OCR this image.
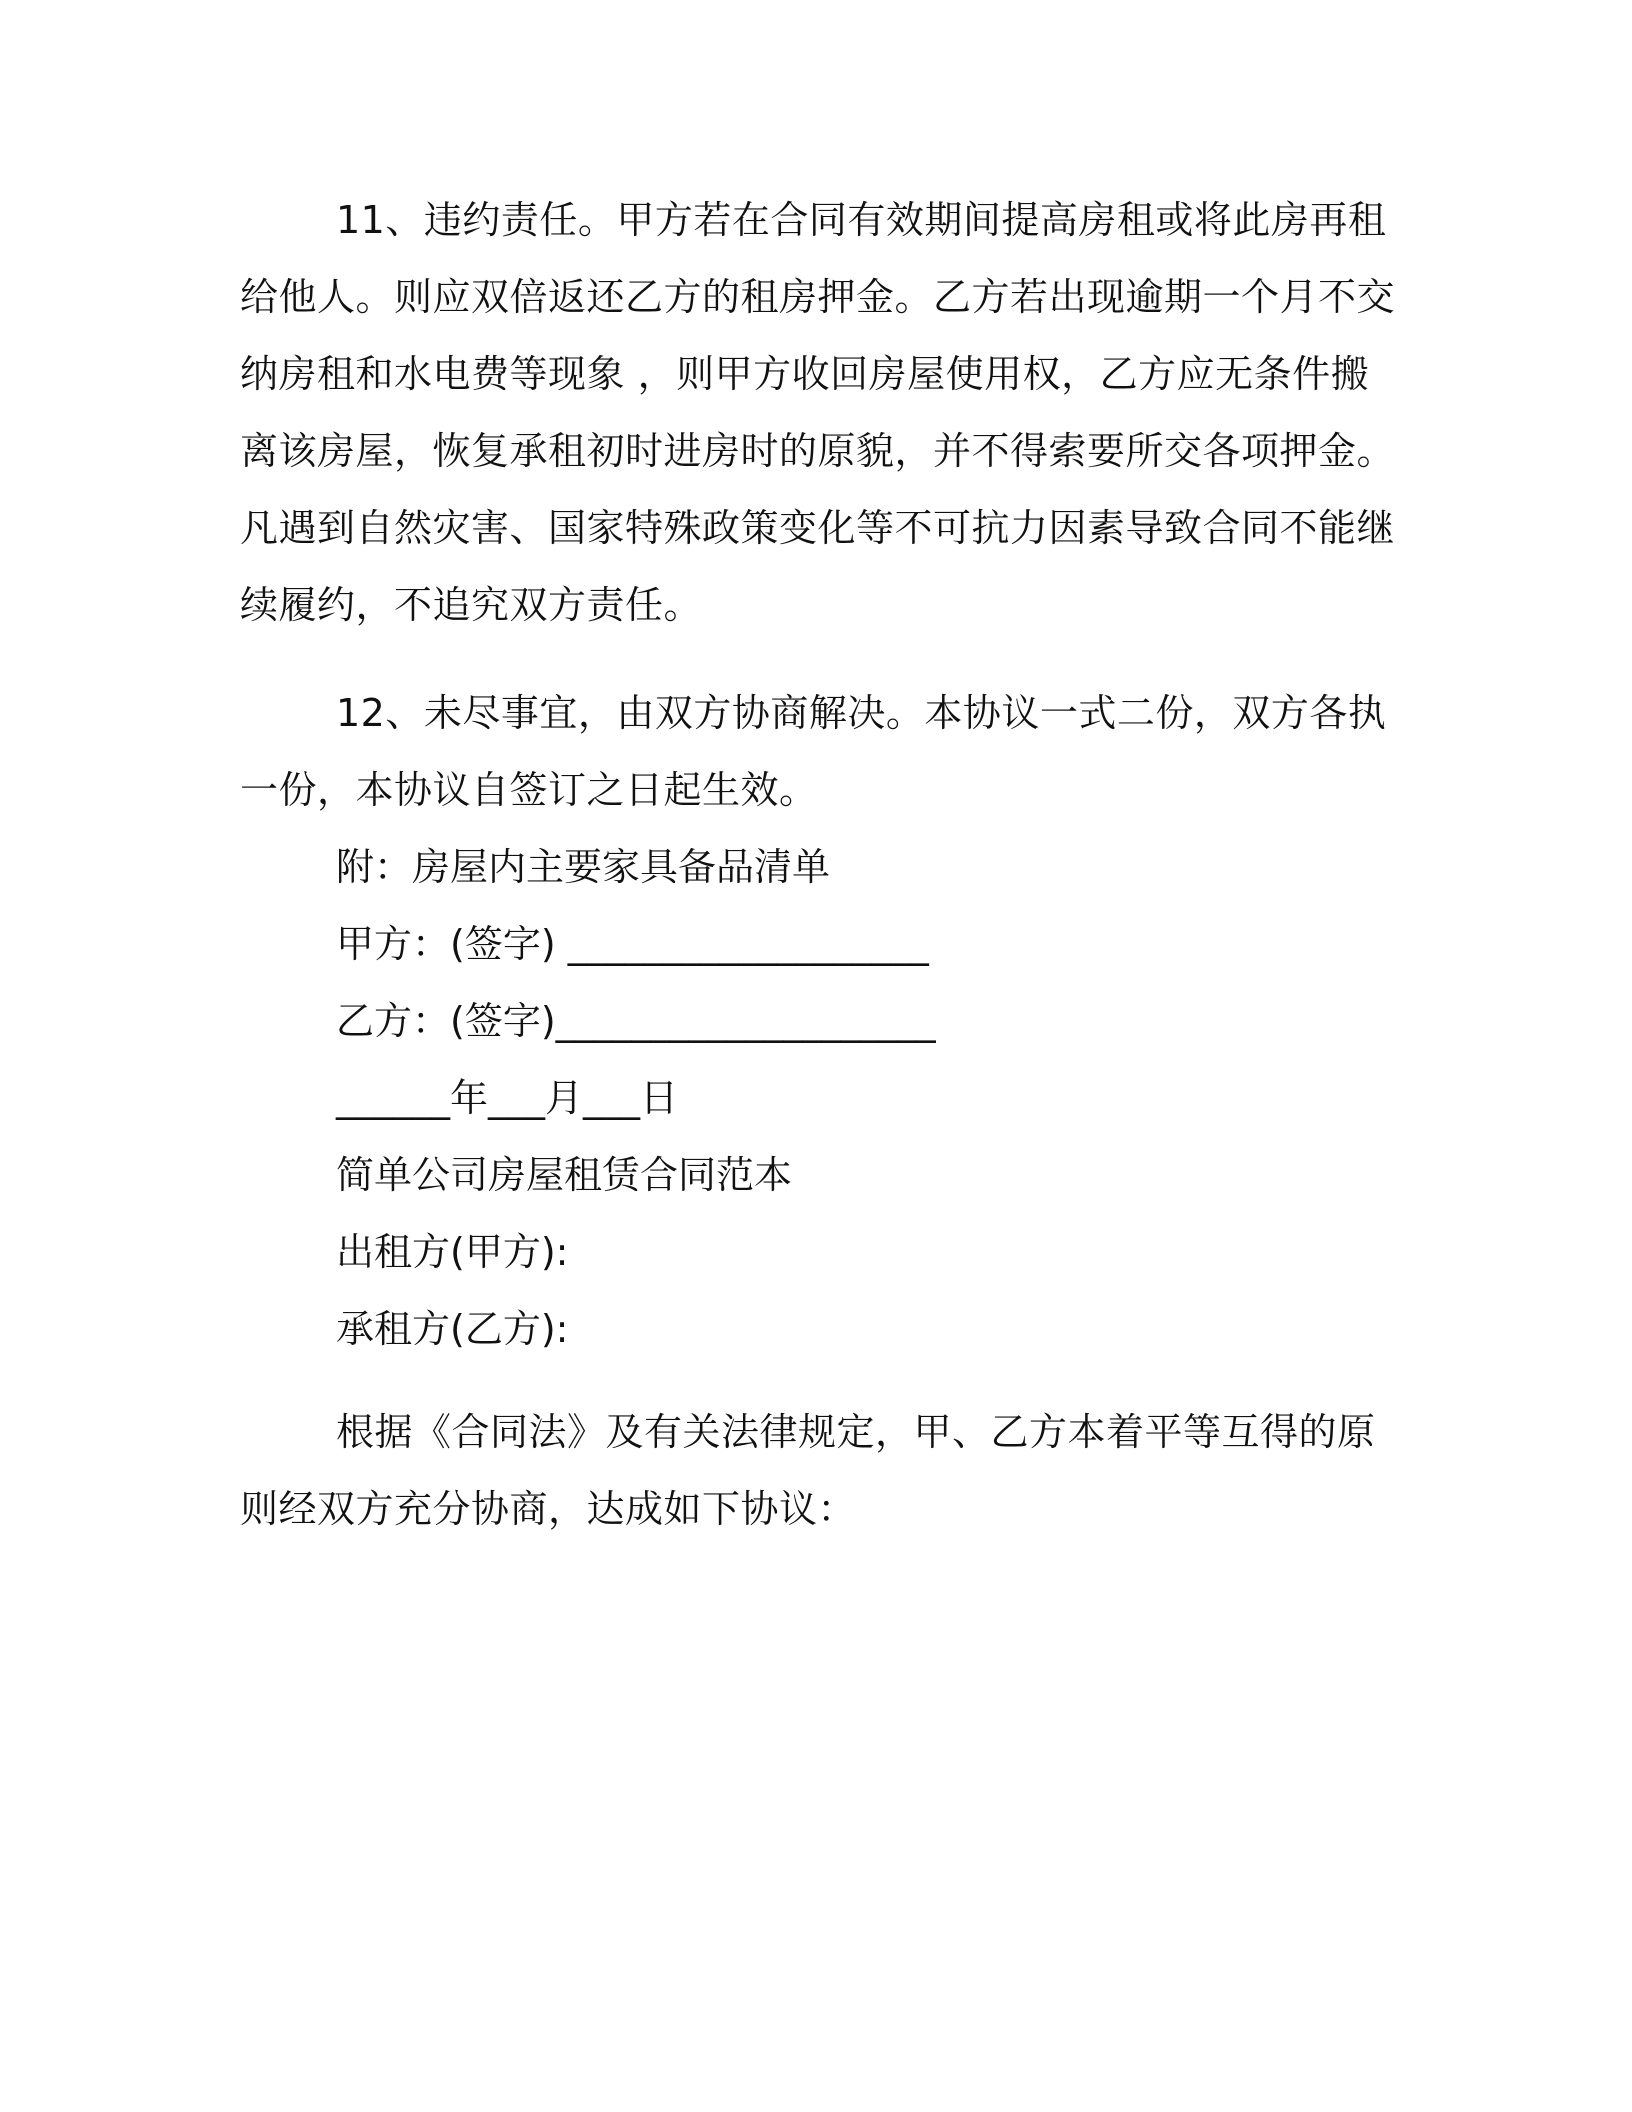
11、违约责任。甲方若在合同有效期间提高房租或将此房再租给他人。则应双倍返还乙方的租房押金。乙方若出现逾期一个月不交纳房租和水电费等现象 ，则甲方收回房屋使用权，乙方应无条件搬离该房屋，恢复承租初时进房时的原貌，并不得索要所交各项押金。凡遇到自然灾害、国家特殊政策变化等不可抗力因素导致合同不能继续履约，不追究双方责任。

12、未尽事宜，由双方协商解决。本协议一式二份，双方各执一份，本协议自签订之日起生效。

附：房屋内主要家具备品清单

甲方：(签字) ___________________

乙方：(签字)____________________

______年___月___日

简单公司房屋租赁合同范本

出租方(甲方):

承租方(乙方):

根据《合同法》及有关法律规定，甲、乙方本着平等互得的原则经双方充分协商，达成如下协议：
